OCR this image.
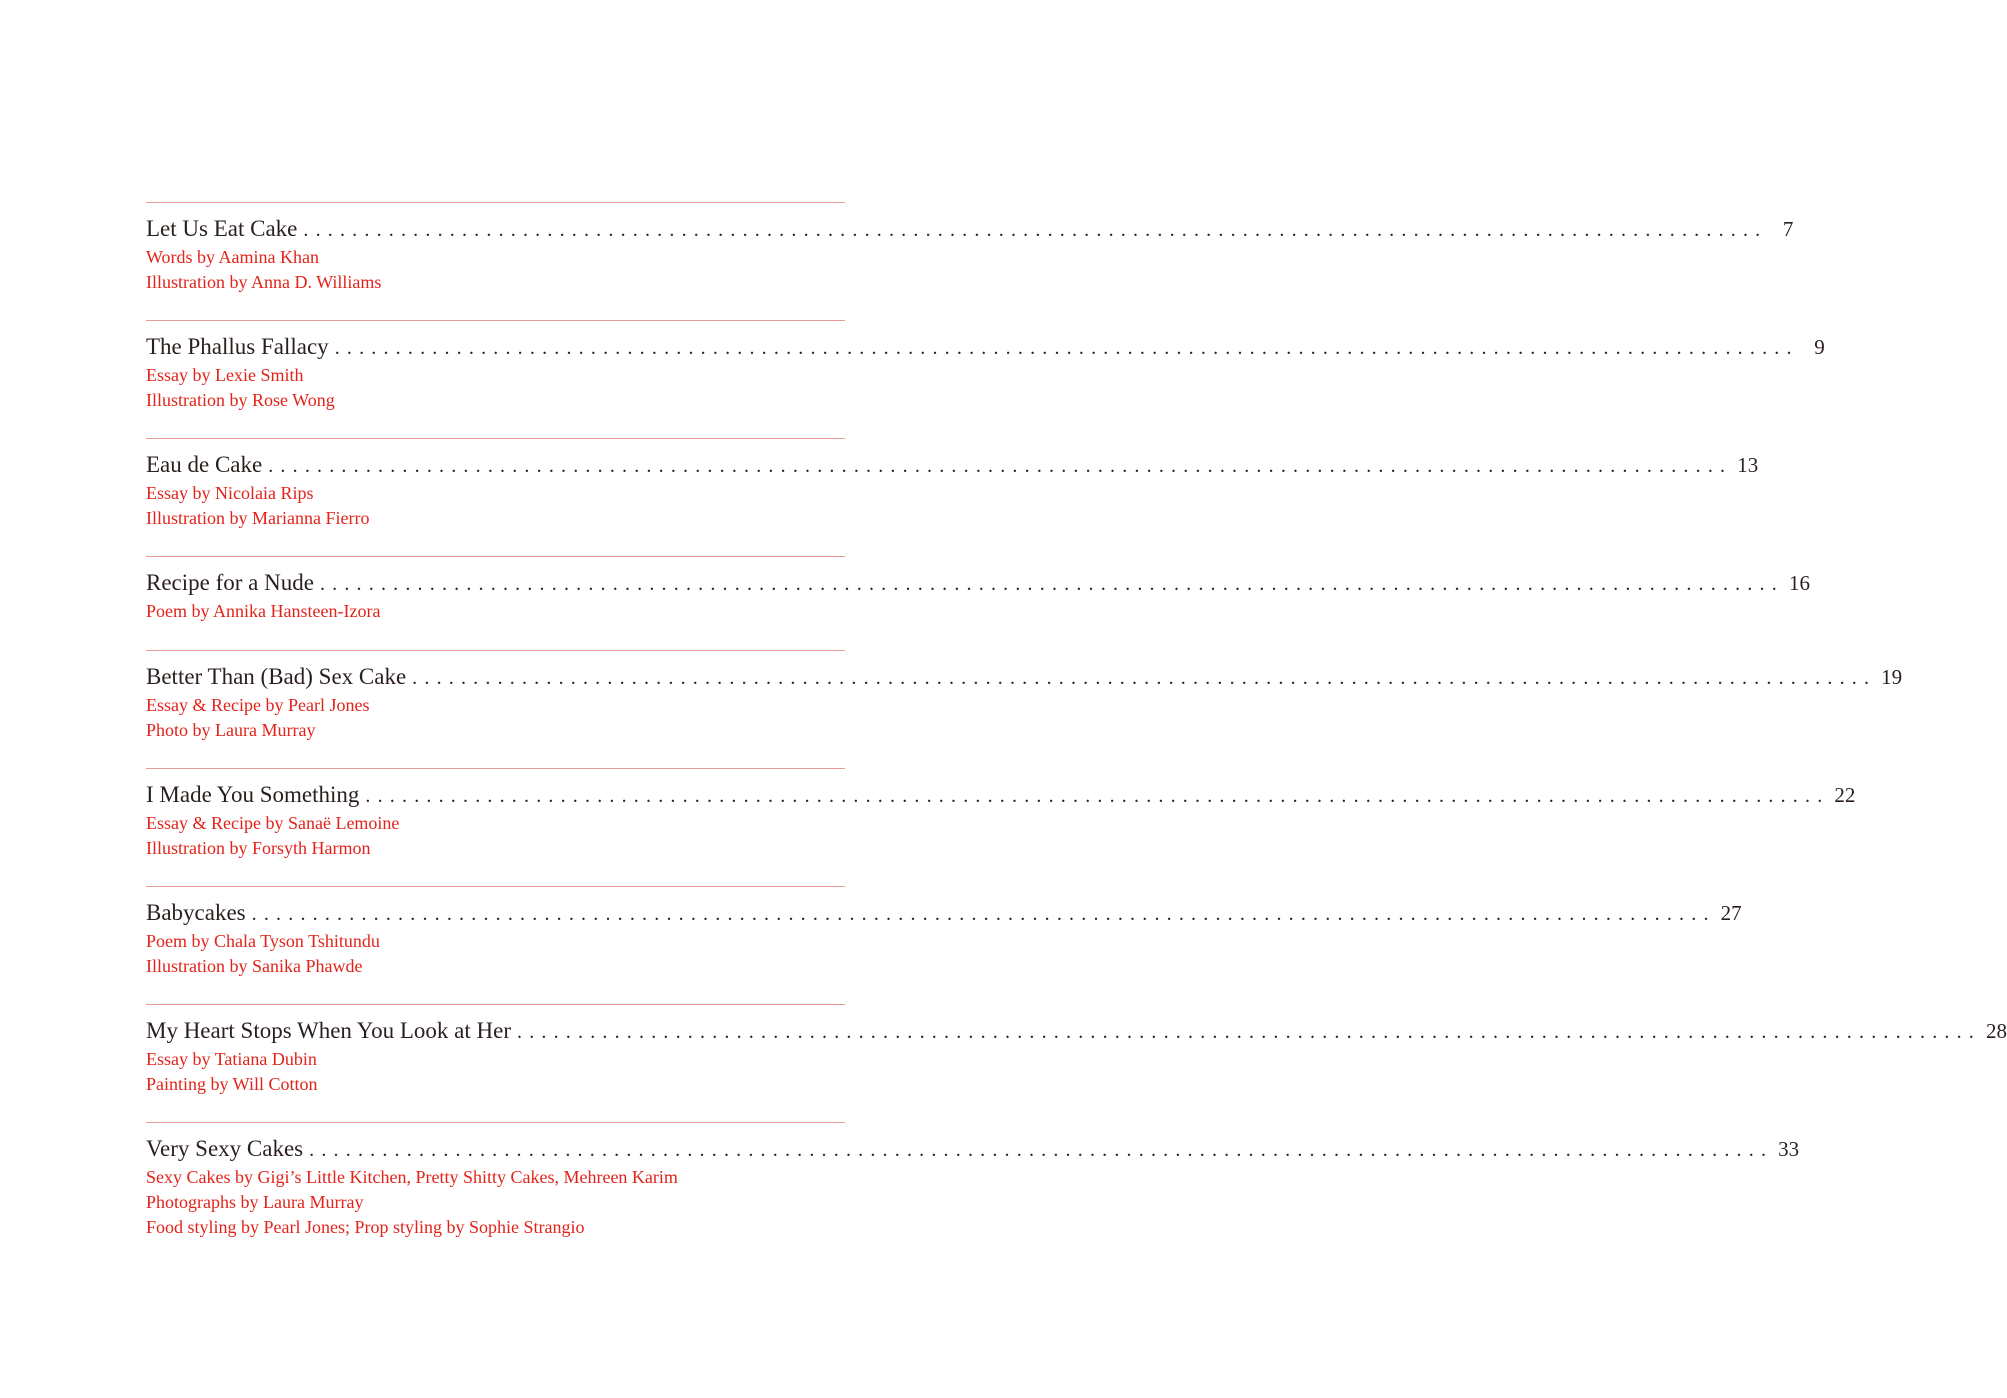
Let Us Eat Cake ........................................................................................................................ 7
Words by Aamina Khan
Illustration by Anna D. Williams
The Phallus Fallacy ........................................................................................................................ 9
Essay by Lexie Smith
Illustration by Rose Wong
Eau de Cake ........................................................................................................................ 13
Essay by Nicolaia Rips
Illustration by Marianna Fierro
Recipe for a Nude ........................................................................................................................ 16
Poem by Annika Hansteen-Izora
Better Than (Bad) Sex Cake ........................................................................................................................ 19
Essay & Recipe by Pearl Jones
Photo by Laura Murray
I Made You Something ........................................................................................................................ 22
Essay & Recipe by Sanaë Lemoine
Illustration by Forsyth Harmon
Babycakes ........................................................................................................................ 27
Poem by Chala Tyson Tshitundu
Illustration by Sanika Phawde
My Heart Stops When You Look at Her ........................................................................................................................ 28
Essay by Tatiana Dubin
Painting by Will Cotton
Very Sexy Cakes ........................................................................................................................ 33
Sexy Cakes by Gigi’s Little Kitchen, Pretty Shitty Cakes, Mehreen Karim
Photographs by Laura Murray
Food styling by Pearl Jones; Prop styling by Sophie Strangio
